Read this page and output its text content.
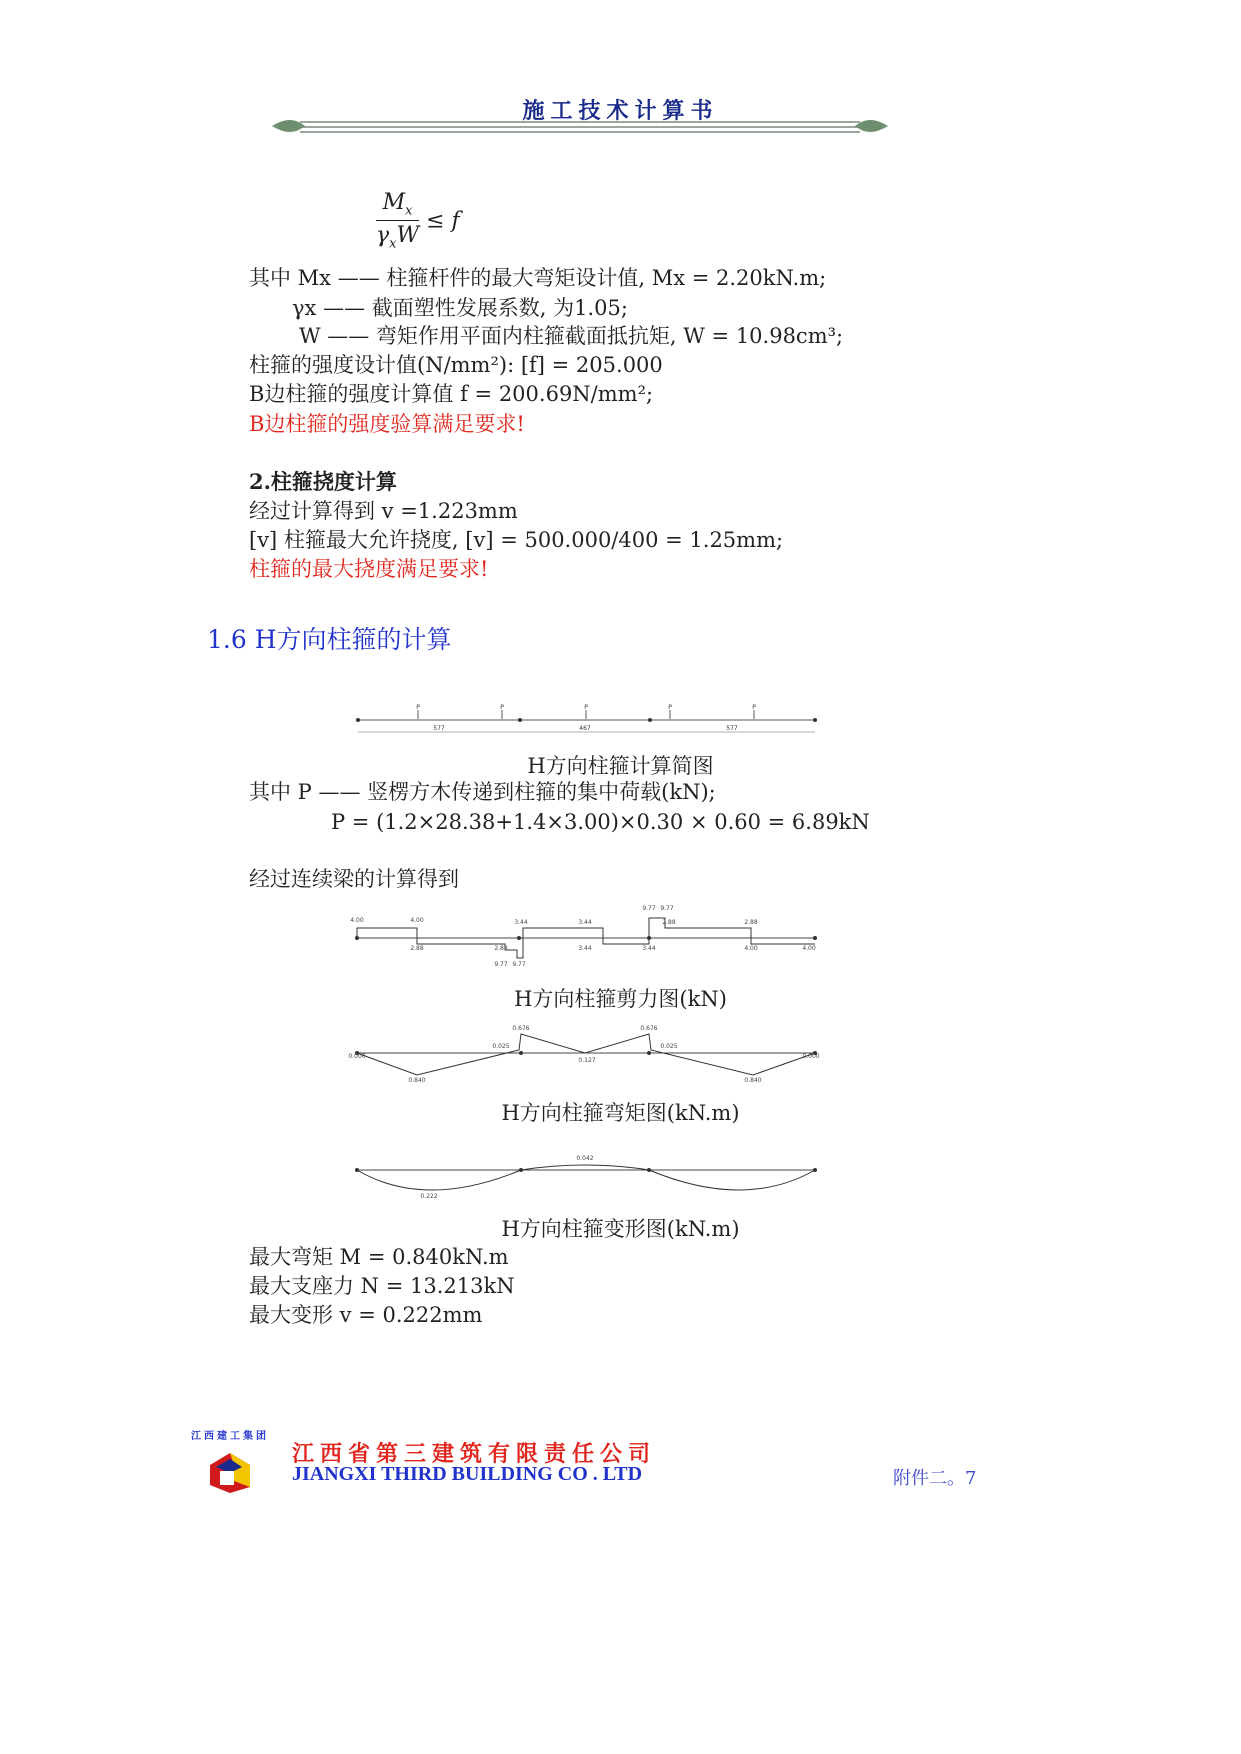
施工技术计算书
$\frac{M_x}{\gamma_xW} \le f$
其中 Mx —— 柱箍杆件的最大弯矩设计值, Mx = 2.20kN.m;
γx —— 截面塑性发展系数, 为1.05;
W —— 弯矩作用平面内柱箍截面抵抗矩, W = 10.98cm³;
柱箍的强度设计值(N/mm²): [f] = 205.000
B边柱箍的强度计算值 f = 200.69N/mm²;
B边柱箍的强度验算满足要求!
2.柱箍挠度计算
经过计算得到 v =1.223mm
[v] 柱箍最大允许挠度, [v] = 500.000/400 = 1.25mm;
柱箍的最大挠度满足要求!
1.6 H方向柱箍的计算
P	P	P	P	P
577	467	577
H方向柱箍计算简图
其中 P —— 竖楞方木传递到柱箍的集中荷载(kN);
P = (1.2×28.38+1.4×3.00)×0.30 × 0.60 = 6.89kN
经过连续梁的计算得到
4.00	4.00
2.88	2.88
9.77 9.77
3.44	3.44
3.44	3.44
9.77 9.77
2.88	2.88
4.00	4.00
H方向柱箍剪力图(kN)
0.000
0.840
0.025
0.676
0.127
0.676
0.025
0.840
0.000
H方向柱箍弯矩图(kN.m)
0.222
0.042
H方向柱箍变形图(kN.m)
最大弯矩 M = 0.840kN.m
最大支座力 N = 13.213kN
最大变形 v = 0.222mm
江西建工集团
江西省第三建筑有限责任公司
JIANGXI THIRD BUILDING CO . LTD	附件二。7
